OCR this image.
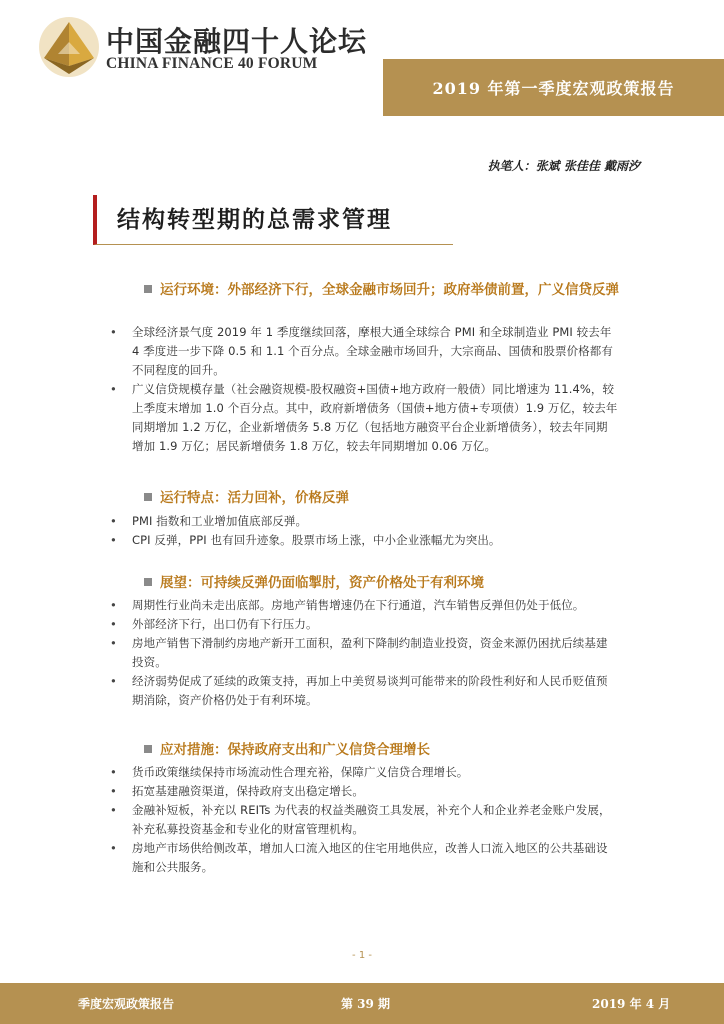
中国金融四十人论坛
CHINA FINANCE 40 FORUM
2019 年第一季度宏观政策报告
执笔人：张斌 张佳佳 戴雨汐
结构转型期的总需求管理
运行环境：外部经济下行，全球金融市场回升；政府举债前置，广义信贷反弹
• 全球经济景气度 2019 年 1 季度继续回落，摩根大通全球综合 PMI 和全球制造业 PMI 较去年 4 季度进一步下降 0.5 和 1.1 个百分点。全球金融市场回升，大宗商品、国债和股票价格都有不同程度的回升。
• 广义信贷规模存量（社会融资规模-股权融资+国债+地方政府一般债）同比增速为 11.4%，较上季度末增加 1.0 个百分点。其中，政府新增债务（国债+地方债+专项债）1.9 万亿，较去年同期增加 1.2 万亿，企业新增债务 5.8 万亿（包括地方融资平台企业新增债务），较去年同期增加 1.9 万亿；居民新增债务 1.8 万亿，较去年同期增加 0.06 万亿。
运行特点：活力回补，价格反弹
• PMI 指数和工业增加值底部反弹。
• CPI 反弹，PPI 也有回升迹象。股票市场上涨，中小企业涨幅尤为突出。
展望：可持续反弹仍面临掣肘，资产价格处于有利环境
• 周期性行业尚未走出底部。房地产销售增速仍在下行通道，汽车销售反弹但仍处于低位。
• 外部经济下行，出口仍有下行压力。
• 房地产销售下滑制约房地产新开工面积，盈利下降制约制造业投资，资金来源仍困扰后续基建投资。
• 经济弱势促成了延续的政策支持，再加上中美贸易谈判可能带来的阶段性利好和人民币贬值预期消除，资产价格仍处于有利环境。
应对措施：保持政府支出和广义信贷合理增长
• 货币政策继续保持市场流动性合理充裕，保障广义信贷合理增长。
• 拓宽基建融资渠道，保持政府支出稳定增长。
• 金融补短板，补充以 REITs 为代表的权益类融资工具发展，补充个人和企业养老金账户发展，补充私募投资基金和专业化的财富管理机构。
• 房地产市场供给侧改革，增加人口流入地区的住宅用地供应，改善人口流入地区的公共基础设施和公共服务。
- 1 -
季度宏观政策报告	第 39 期	2019 年 4 月
